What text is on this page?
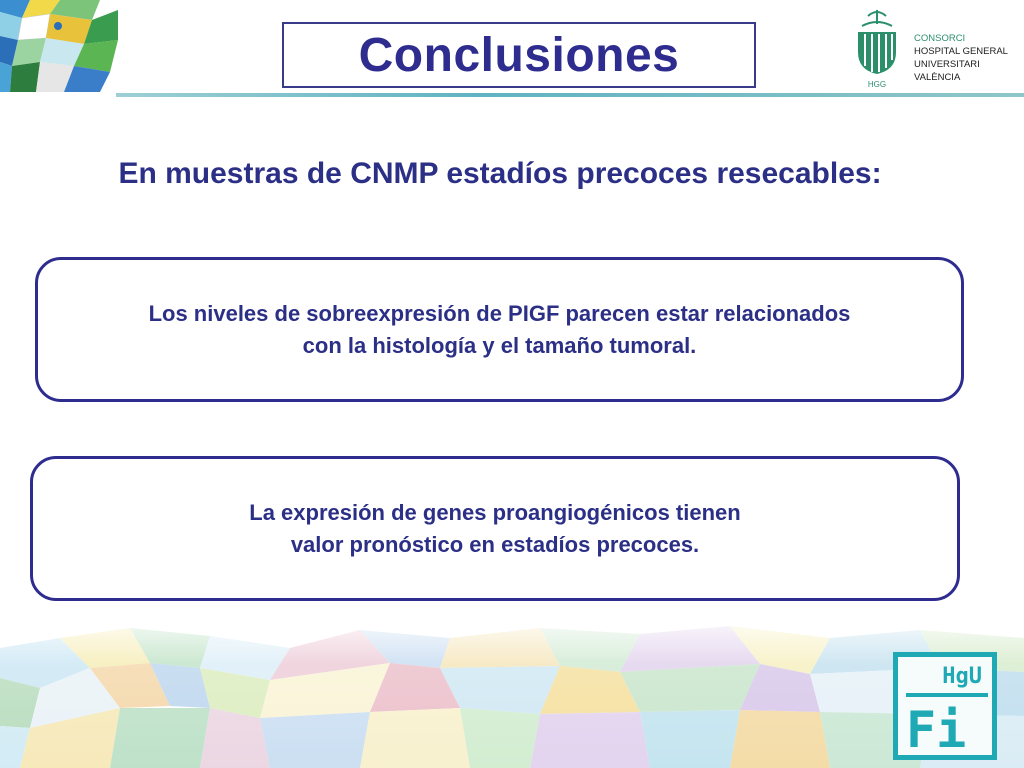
Conclusiones
HGG
CONSORCI
HOSPITAL GENERAL
UNIVERSITARI
VALÈNCIA
En muestras de CNMP estadíos precoces resecables:
Los niveles de sobreexpresión de PIGF parecen estar relacionados
con la histología y el tamaño tumoral.
La expresión de genes proangiogénicos tienen
valor pronóstico en estadíos precoces.
HgU
Fi
